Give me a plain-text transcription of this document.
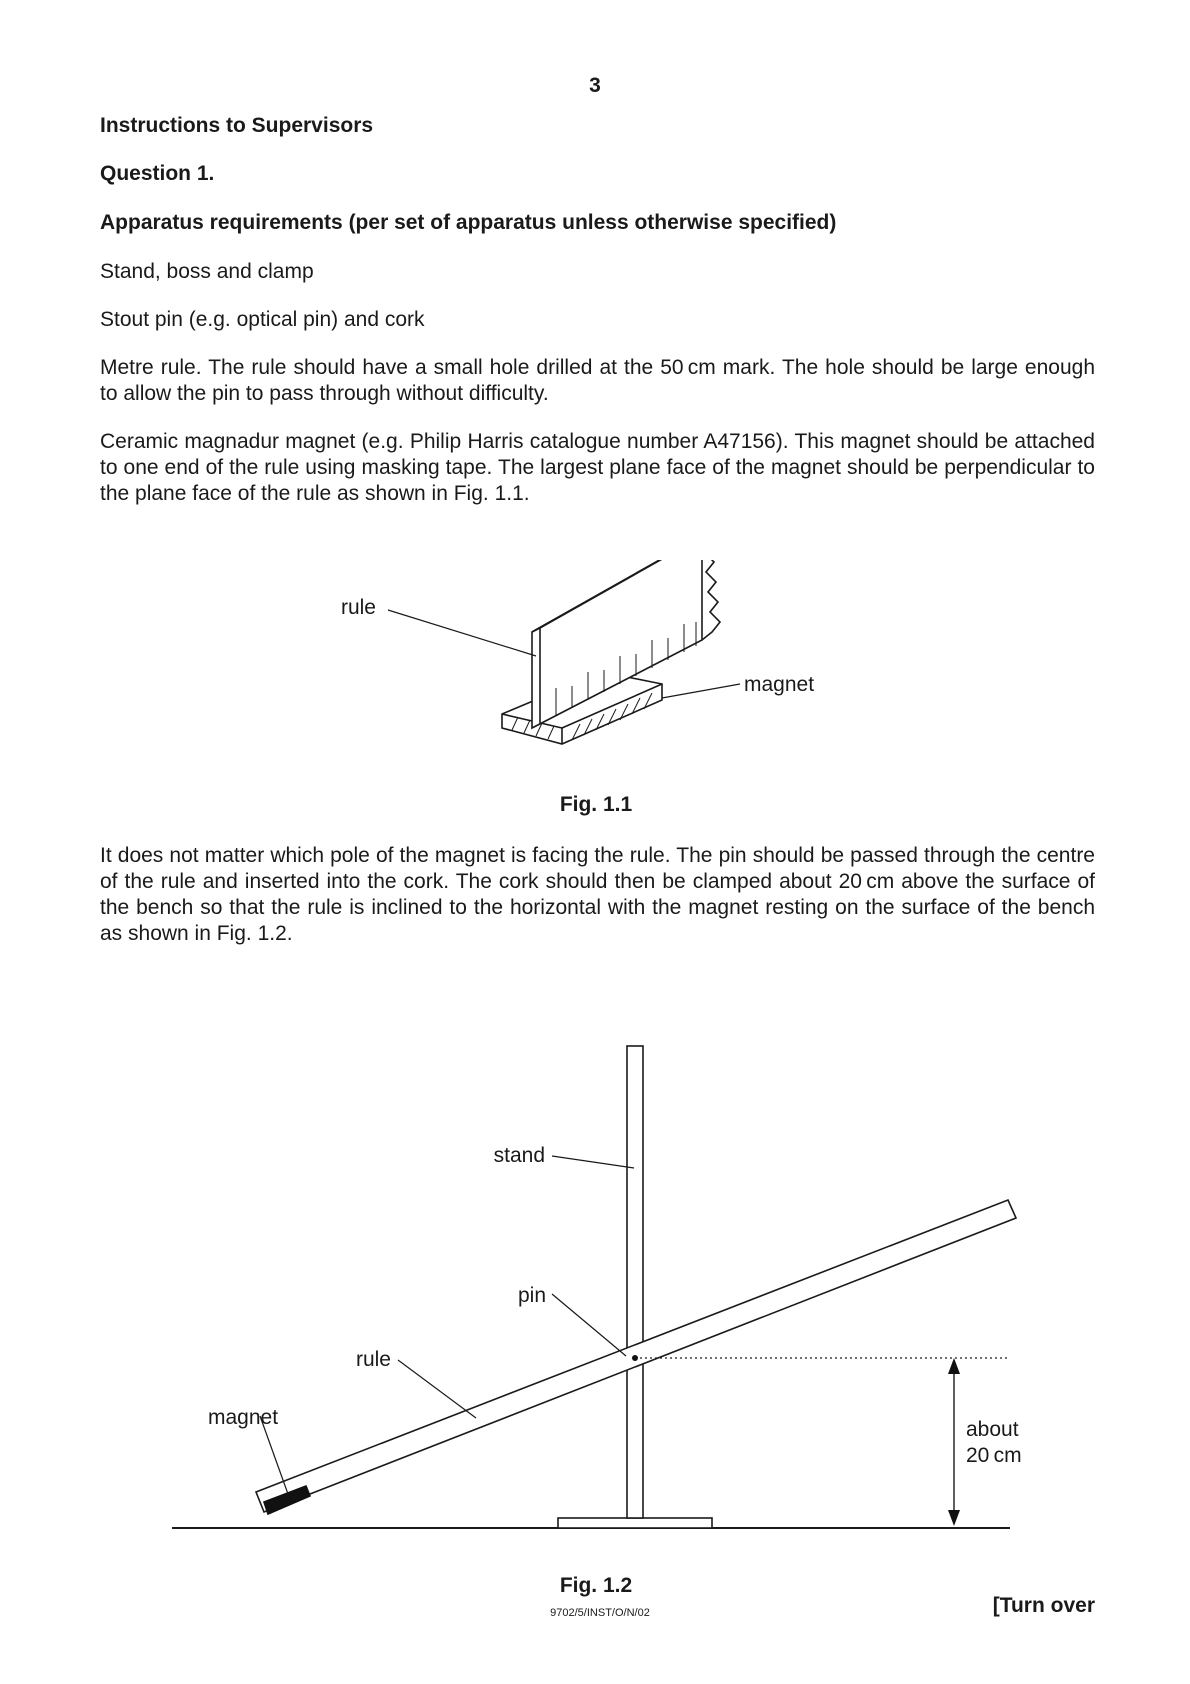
3
Instructions to Supervisors
Question 1.
Apparatus requirements (per set of apparatus unless otherwise specified)
Stand, boss and clamp
Stout pin (e.g. optical pin) and cork
Metre rule. The rule should have a small hole drilled at the 50 cm mark. The hole should be large enough to allow the pin to pass through without difficulty.
Ceramic magnadur magnet (e.g. Philip Harris catalogue number A47156). This magnet should be attached to one end of the rule using masking tape. The largest plane face of the magnet should be perpendicular to the plane face of the rule as shown in Fig. 1.1.
rule
magnet
Fig. 1.1
It does not matter which pole of the magnet is facing the rule. The pin should be passed through the centre of the rule and inserted into the cork. The cork should then be clamped about 20 cm above the surface of the bench so that the rule is inclined to the horizontal with the magnet resting on the surface of the bench as shown in Fig. 1.2.
stand
pin
rule
magnet
about
20 cm
Fig. 1.2
9702/5/INST/O/N/02	[Turn over
